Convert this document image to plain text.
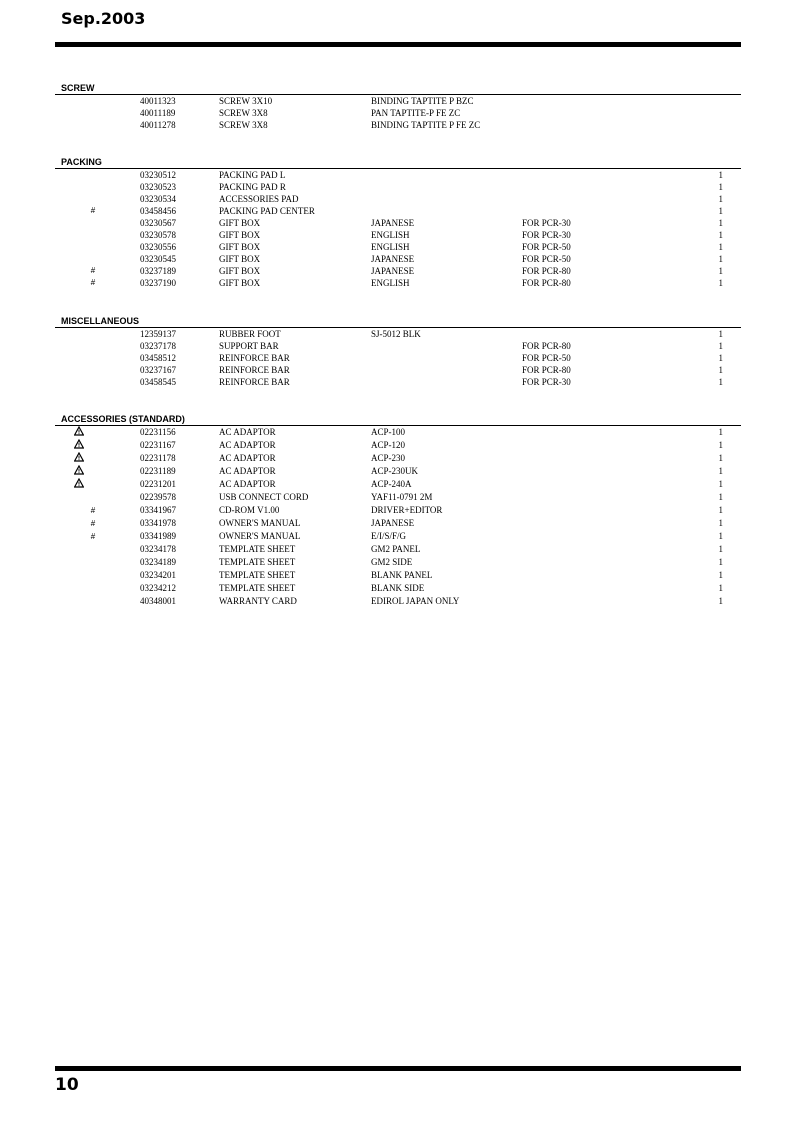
Sep.2003
SCREW
40011323	SCREW 3X10	BINDING TAPTITE P BZC
40011189	SCREW 3X8	PAN TAPTITE-P FE ZC
40011278	SCREW 3X8	BINDING TAPTITE P FE ZC
PACKING
03230512	PACKING PAD L	1
03230523	PACKING PAD R	1
03230534	ACCESSORIES PAD	1
#	03458456	PACKING PAD CENTER	1
03230567	GIFT BOX	JAPANESE	FOR PCR-30	1
03230578	GIFT BOX	ENGLISH	FOR PCR-30	1
03230556	GIFT BOX	ENGLISH	FOR PCR-50	1
03230545	GIFT BOX	JAPANESE	FOR PCR-50	1
#	03237189	GIFT BOX	JAPANESE	FOR PCR-80	1
#	03237190	GIFT BOX	ENGLISH	FOR PCR-80	1
MISCELLANEOUS
12359137	RUBBER FOOT	SJ-5012 BLK	1
03237178	SUPPORT BAR	FOR PCR-80	1
03458512	REINFORCE BAR	FOR PCR-50	1
03237167	REINFORCE BAR	FOR PCR-80	1
03458545	REINFORCE BAR	FOR PCR-30	1
ACCESSORIES (STANDARD)
02231156	AC ADAPTOR	ACP-100	1
02231167	AC ADAPTOR	ACP-120	1
02231178	AC ADAPTOR	ACP-230	1
02231189	AC ADAPTOR	ACP-230UK	1
02231201	AC ADAPTOR	ACP-240A	1
02239578	USB CONNECT CORD	YAF11-0791 2M	1
#	03341967	CD-ROM V1.00	DRIVER+EDITOR	1
#	03341978	OWNER'S MANUAL	JAPANESE	1
#	03341989	OWNER'S MANUAL	E/I/S/F/G	1
03234178	TEMPLATE SHEET	GM2 PANEL	1
03234189	TEMPLATE SHEET	GM2 SIDE	1
03234201	TEMPLATE SHEET	BLANK PANEL	1
03234212	TEMPLATE SHEET	BLANK SIDE	1
40348001	WARRANTY CARD	EDIROL JAPAN ONLY	1
10
